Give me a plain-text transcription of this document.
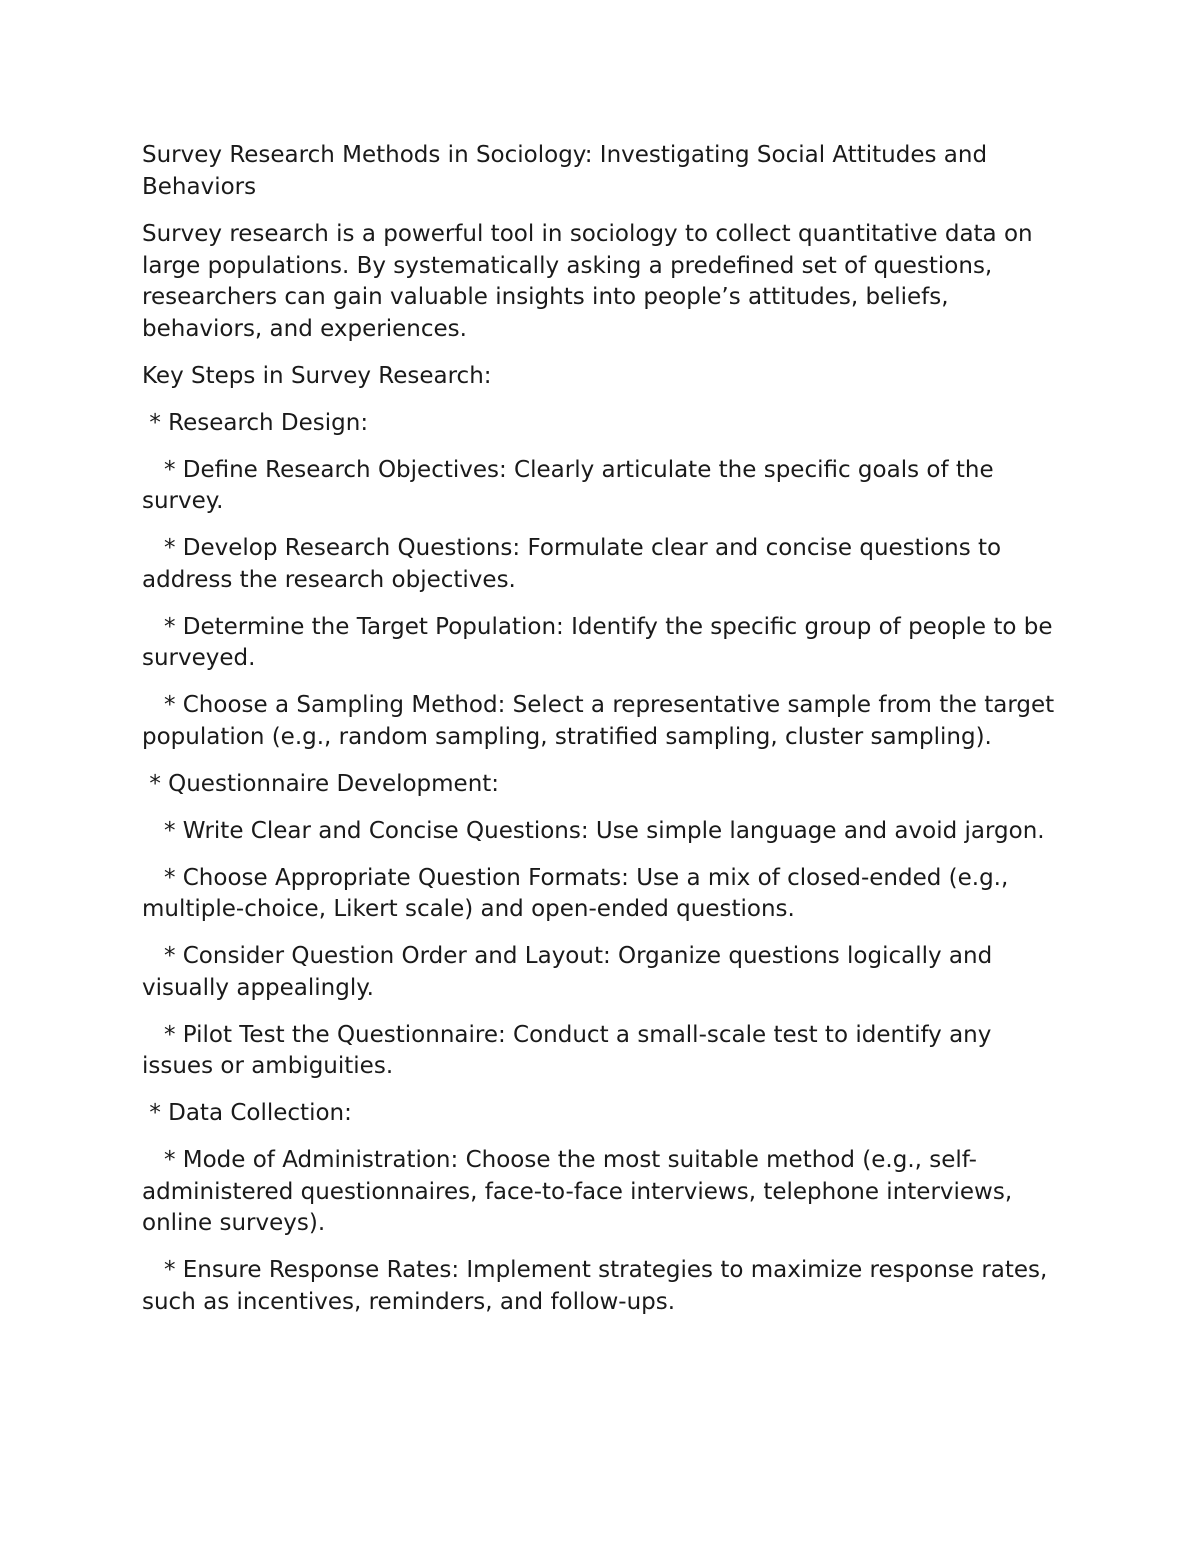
Survey Research Methods in Sociology: Investigating Social Attitudes and Behaviors

Survey research is a powerful tool in sociology to collect quantitative data on large populations. By systematically asking a predefined set of questions, researchers can gain valuable insights into people’s attitudes, beliefs, behaviors, and experiences.

Key Steps in Survey Research:

* Research Design:

* Define Research Objectives: Clearly articulate the specific goals of the survey.

* Develop Research Questions: Formulate clear and concise questions to address the research objectives.

* Determine the Target Population: Identify the specific group of people to be surveyed.

* Choose a Sampling Method: Select a representative sample from the target population (e.g., random sampling, stratified sampling, cluster sampling).

* Questionnaire Development:

* Write Clear and Concise Questions: Use simple language and avoid jargon.

* Choose Appropriate Question Formats: Use a mix of closed-ended (e.g., multiple-choice, Likert scale) and open-ended questions.

* Consider Question Order and Layout: Organize questions logically and visually appealingly.

* Pilot Test the Questionnaire: Conduct a small-scale test to identify any issues or ambiguities.

* Data Collection:

* Mode of Administration: Choose the most suitable method (e.g., self-administered questionnaires, face-to-face interviews, telephone interviews, online surveys).

* Ensure Response Rates: Implement strategies to maximize response rates, such as incentives, reminders, and follow-ups.
